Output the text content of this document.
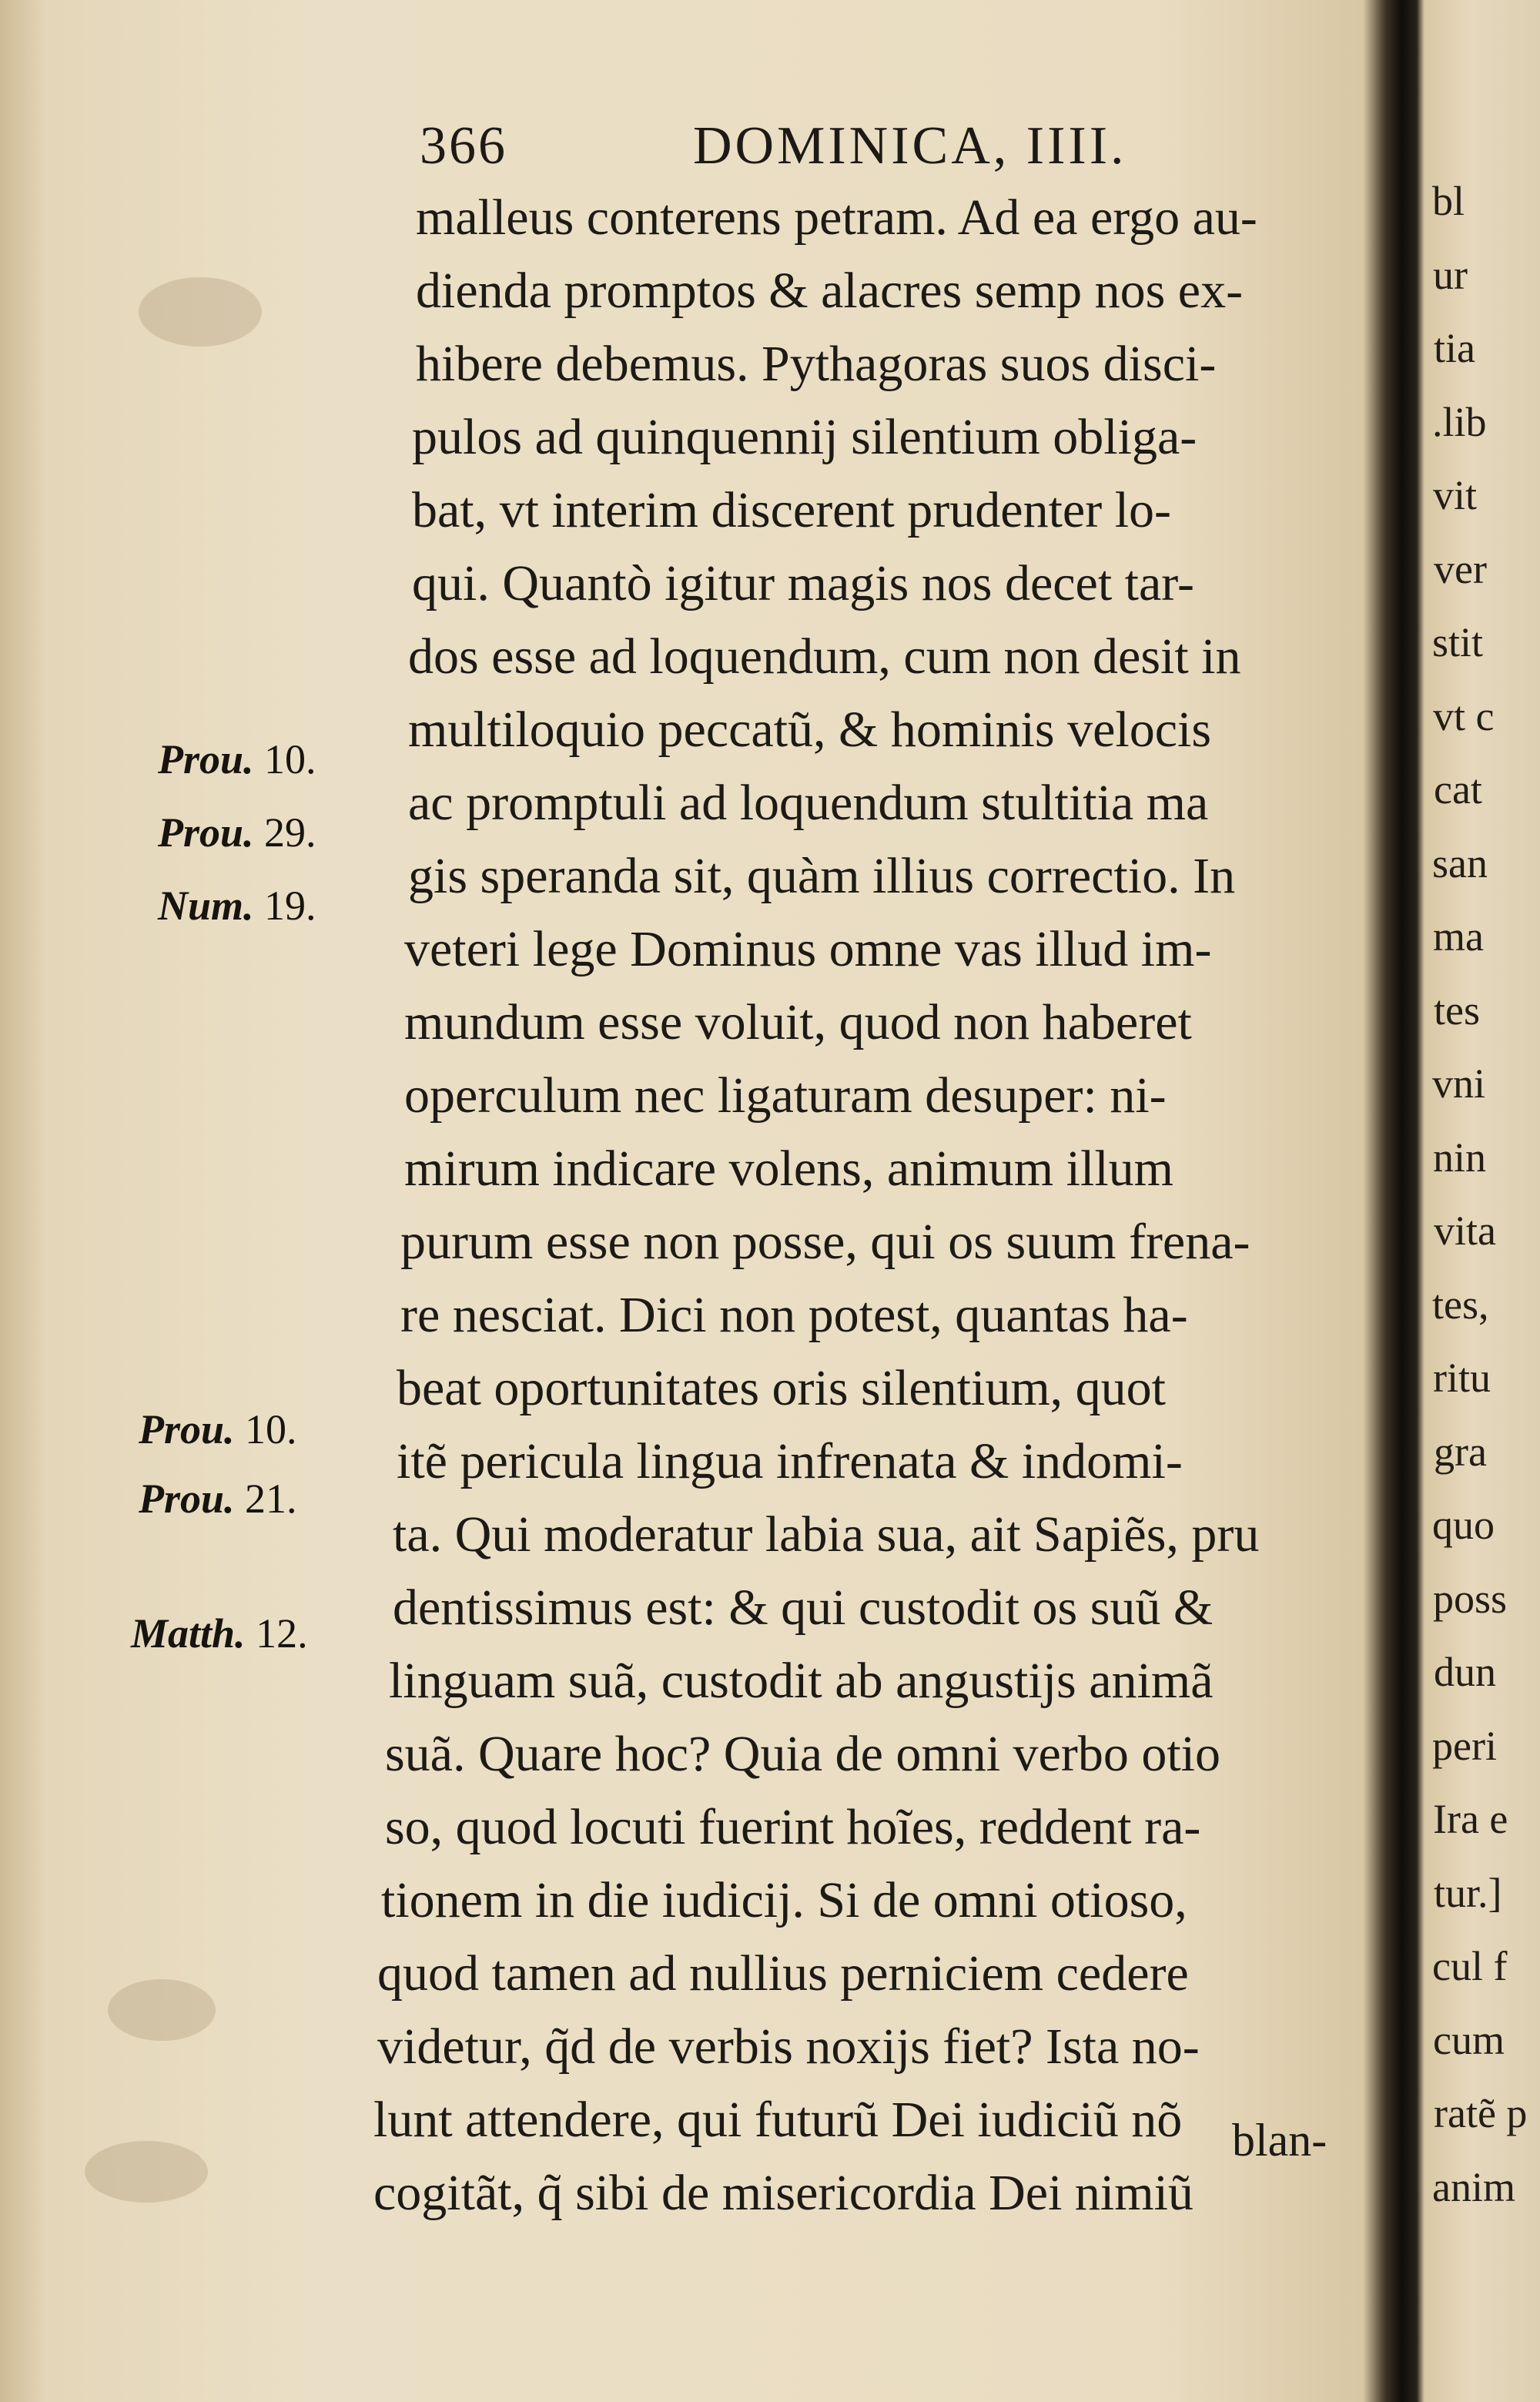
bl
ur
tia
.lib
vit
ver
stit
vt c
cat
san
ma
tes
vni
nin
vita
tes,
ritu
gra
quo
poss
dun
peri
Ira e
tur.]
cul f
cum
ratẽ p
anim
366	DOMINICA, IIII.
malleus conterens petram. Ad ea ergo au-
dienda promptos & alacres semp nos ex-
hibere debemus. Pythagoras suos disci-
pulos ad quinquennij silentium obliga-
bat, vt interim discerent prudenter lo-
qui. Quantò igitur magis nos decet tar-
dos esse ad loquendum, cum non desit in
multiloquio peccatũ, & hominis velocis
ac promptuli ad loquendum stultitia ma
gis speranda sit, quàm illius correctio. In
veteri lege Dominus omne vas illud im-
mundum esse voluit, quod non haberet
operculum nec ligaturam desuper: ni-
mirum indicare volens, animum illum
purum esse non posse, qui os suum frena-
re nesciat. Dici non potest, quantas ha-
beat oportunitates oris silentium, quot
itẽ pericula lingua infrenata & indomi-
ta. Qui moderatur labia sua, ait Sapiẽs, pru
dentissimus est: & qui custodit os suũ &
linguam suã, custodit ab angustijs animã
suã. Quare hoc? Quia de omni verbo otio
so, quod locuti fuerint hoĩes, reddent ra-
tionem in die iudicij. Si de omni otioso,
quod tamen ad nullius perniciem cedere
videtur, q̃d de verbis noxijs fiet? Ista no-
lunt attendere, qui futurũ Dei iudiciũ nõ
cogitãt, q̃ sibi de misericordia Dei nimiũ
Prou. 10.
Prou. 29.
Num. 19.
Prou. 10.
Prou. 21.
Matth. 12.
blan-
